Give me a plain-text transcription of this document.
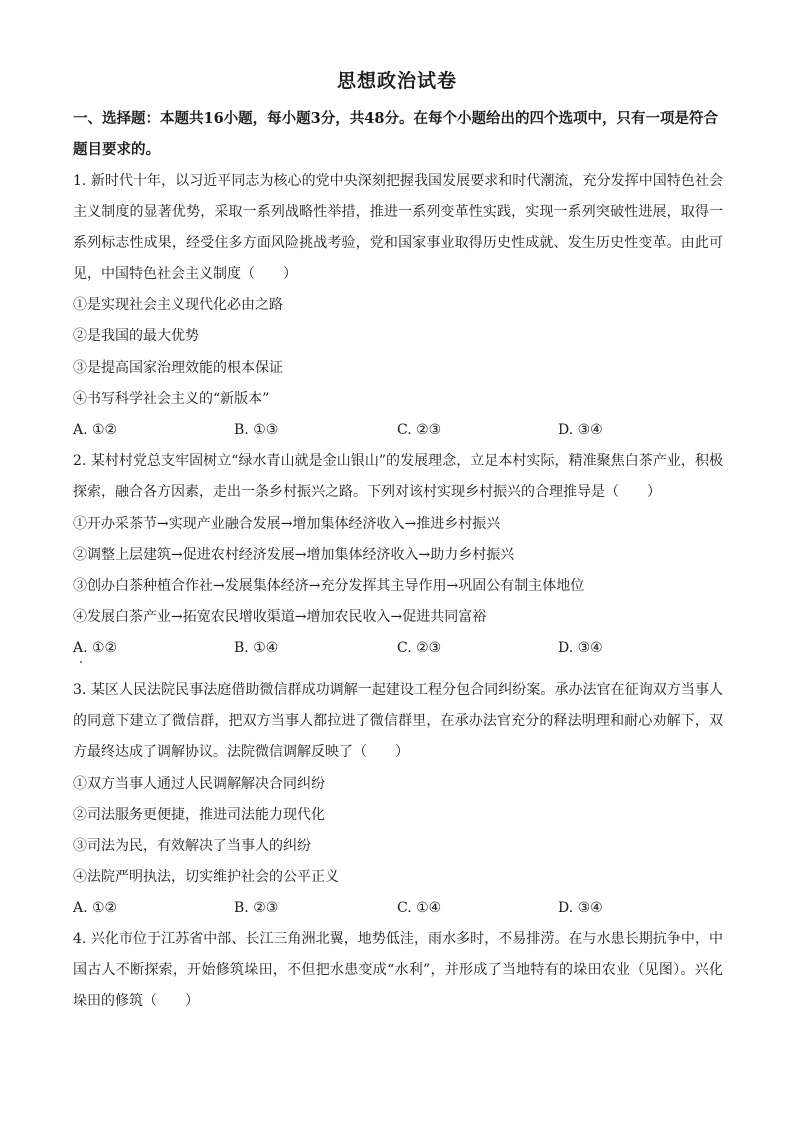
思想政治试卷
一、选择题：本题共16小题，每小题3分，共48分。在每个小题给出的四个选项中，只有一项是符合题目要求的。
1. 新时代十年，以习近平同志为核心的党中央深刻把握我国发展要求和时代潮流，充分发挥中国特色社会主义制度的显著优势，采取一系列战略性举措，推进一系列变革性实践，实现一系列突破性进展，取得一系列标志性成果，经受住多方面风险挑战考验，党和国家事业取得历史性成就、发生历史性变革。由此可见，中国特色社会主义制度（　　）
①是实现社会主义现代化必由之路
②是我国的最大优势
③是提高国家治理效能的根本保证
④书写科学社会主义的“新版本”
A. ①②	B. ①③	C. ②③	D. ③④
2. 某村村党总支牢固树立“绿水青山就是金山银山”的发展理念，立足本村实际，精准聚焦白茶产业，积极探索，融合各方因素，走出一条乡村振兴之路。下列对该村实现乡村振兴的合理推导是（　　）
①开办采茶节→实现产业融合发展→增加集体经济收入→推进乡村振兴
②调整上层建筑→促进农村经济发展→增加集体经济收入→助力乡村振兴
③创办白茶种植合作社→发展集体经济→充分发挥其主导作用→巩固公有制主体地位
④发展白茶产业→拓宽农民增收渠道→增加农民收入→促进共同富裕
A. ①②	B. ①④	C. ②③	D. ③④
3. 某区人民法院民事法庭借助微信群成功调解一起建设工程分包合同纠纷案。承办法官在征询双方当事人的同意下建立了微信群，把双方当事人都拉进了微信群里，在承办法官充分的释法明理和耐心劝解下，双方最终达成了调解协议。法院微信调解反映了（　　）
①双方当事人通过人民调解解决合同纠纷
②司法服务更便捷，推进司法能力现代化
③司法为民，有效解决了当事人的纠纷
④法院严明执法，切实维护社会的公平正义
A. ①②	B. ②③	C. ①④	D. ③④
4. 兴化市位于江苏省中部、长江三角洲北翼，地势低洼，雨水多时，不易排涝。在与水患长期抗争中，中国古人不断探索，开始修筑垛田，不但把水患变成“水利”，并形成了当地特有的垛田农业（见图）。兴化垛田的修筑（　　）
